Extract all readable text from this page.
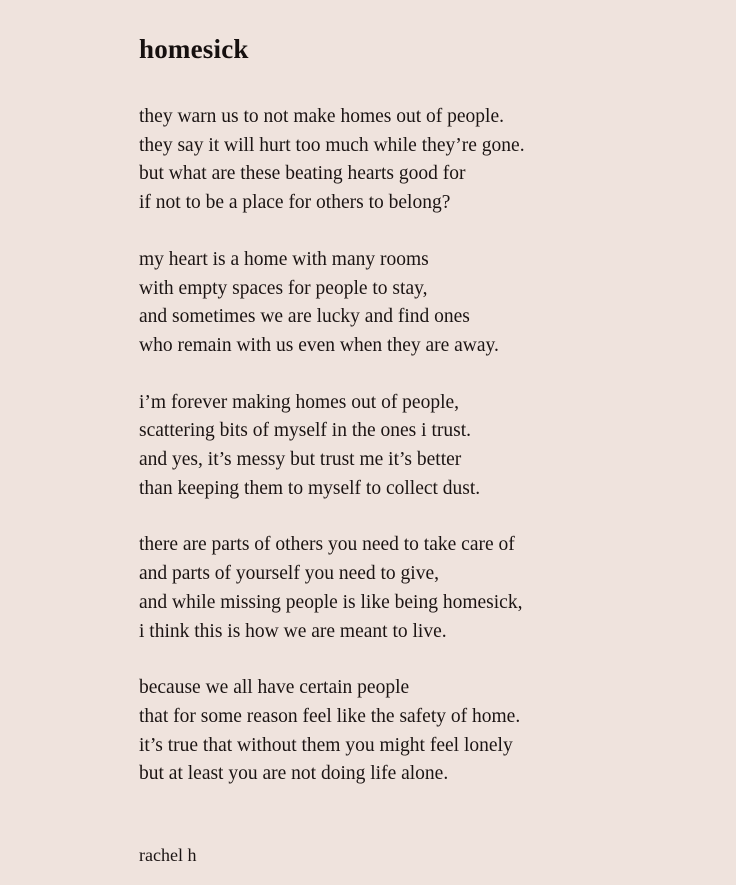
homesick
they warn us to not make homes out of people.
they say it will hurt too much while they’re gone.
but what are these beating hearts good for
if not to be a place for others to belong?
my heart is a home with many rooms
with empty spaces for people to stay,
and sometimes we are lucky and find ones
who remain with us even when they are away.
i’m forever making homes out of people,
scattering bits of myself in the ones i trust.
and yes, it’s messy but trust me it’s better
than keeping them to myself to collect dust.
there are parts of others you need to take care of
and parts of yourself you need to give,
and while missing people is like being homesick,
i think this is how we are meant to live.
because we all have certain people
that for some reason feel like the safety of home.
it’s true that without them you might feel lonely
but at least you are not doing life alone.
rachel h
